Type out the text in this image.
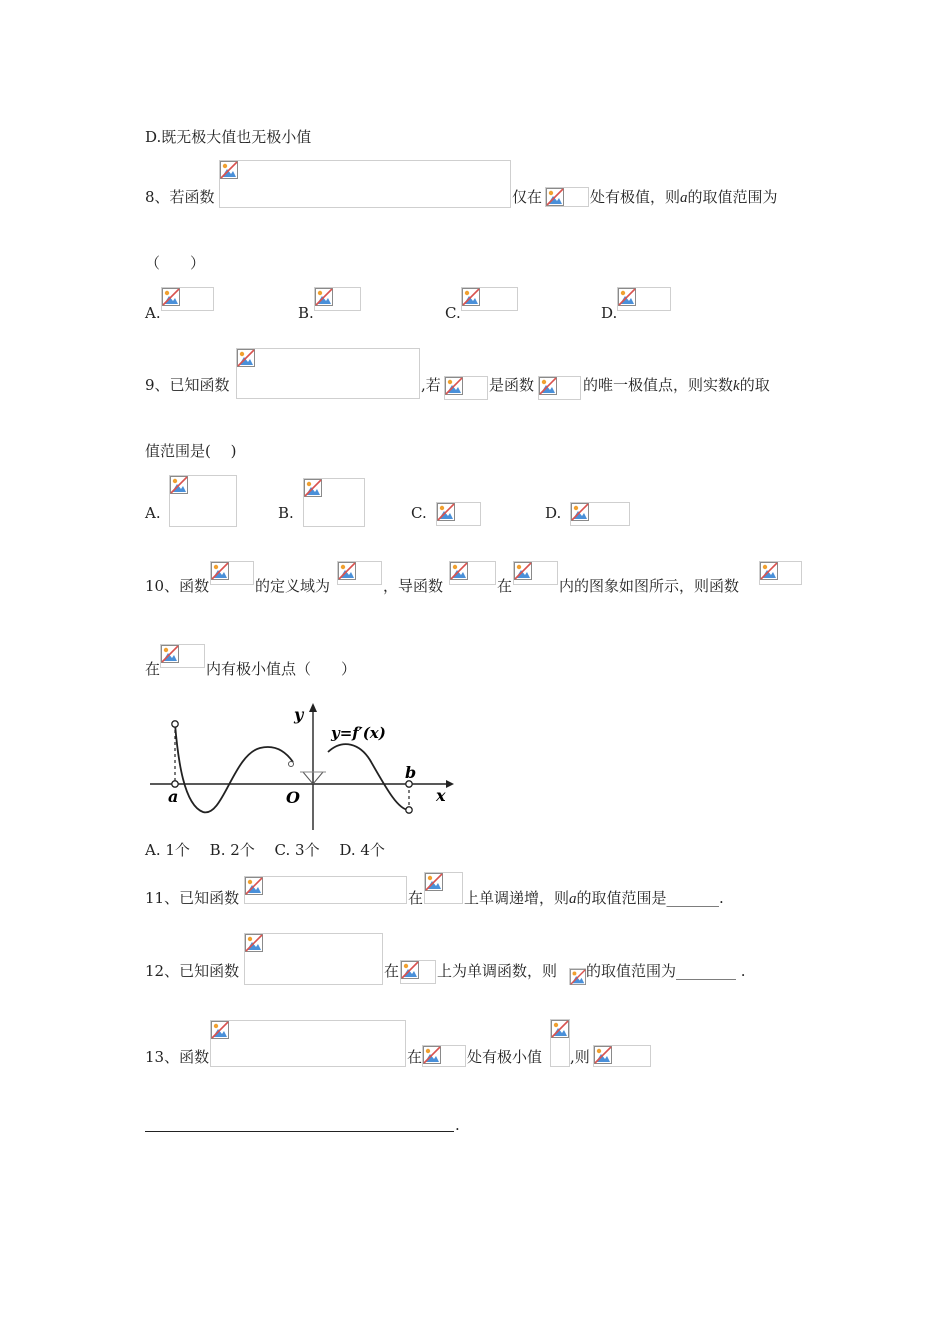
D.既无极大值也无极小值
8、若函数	仅在	处有极值，则a的取值范围为
（　　）
A.	B.	C.	D.
9、已知函数	,若	是函数	的唯一极值点，则实数k的取
值范围是(　 )
A.	B.	C.	D.
10、函数	的定义域为	，导函数	在	内的图象如图所示，则函数
在	内有极小值点（　　）
y
y=f′(x)
O
a
b
x
A. 1个　 B. 2个　 C. 3个　 D. 4个
11、已知函数	在	上单调递增，则a的取值范围是_______.
12、已知函数	在	上为单调函数，则 的取值范围为________ .
13、函数	在	处有极小值 ,则
.
